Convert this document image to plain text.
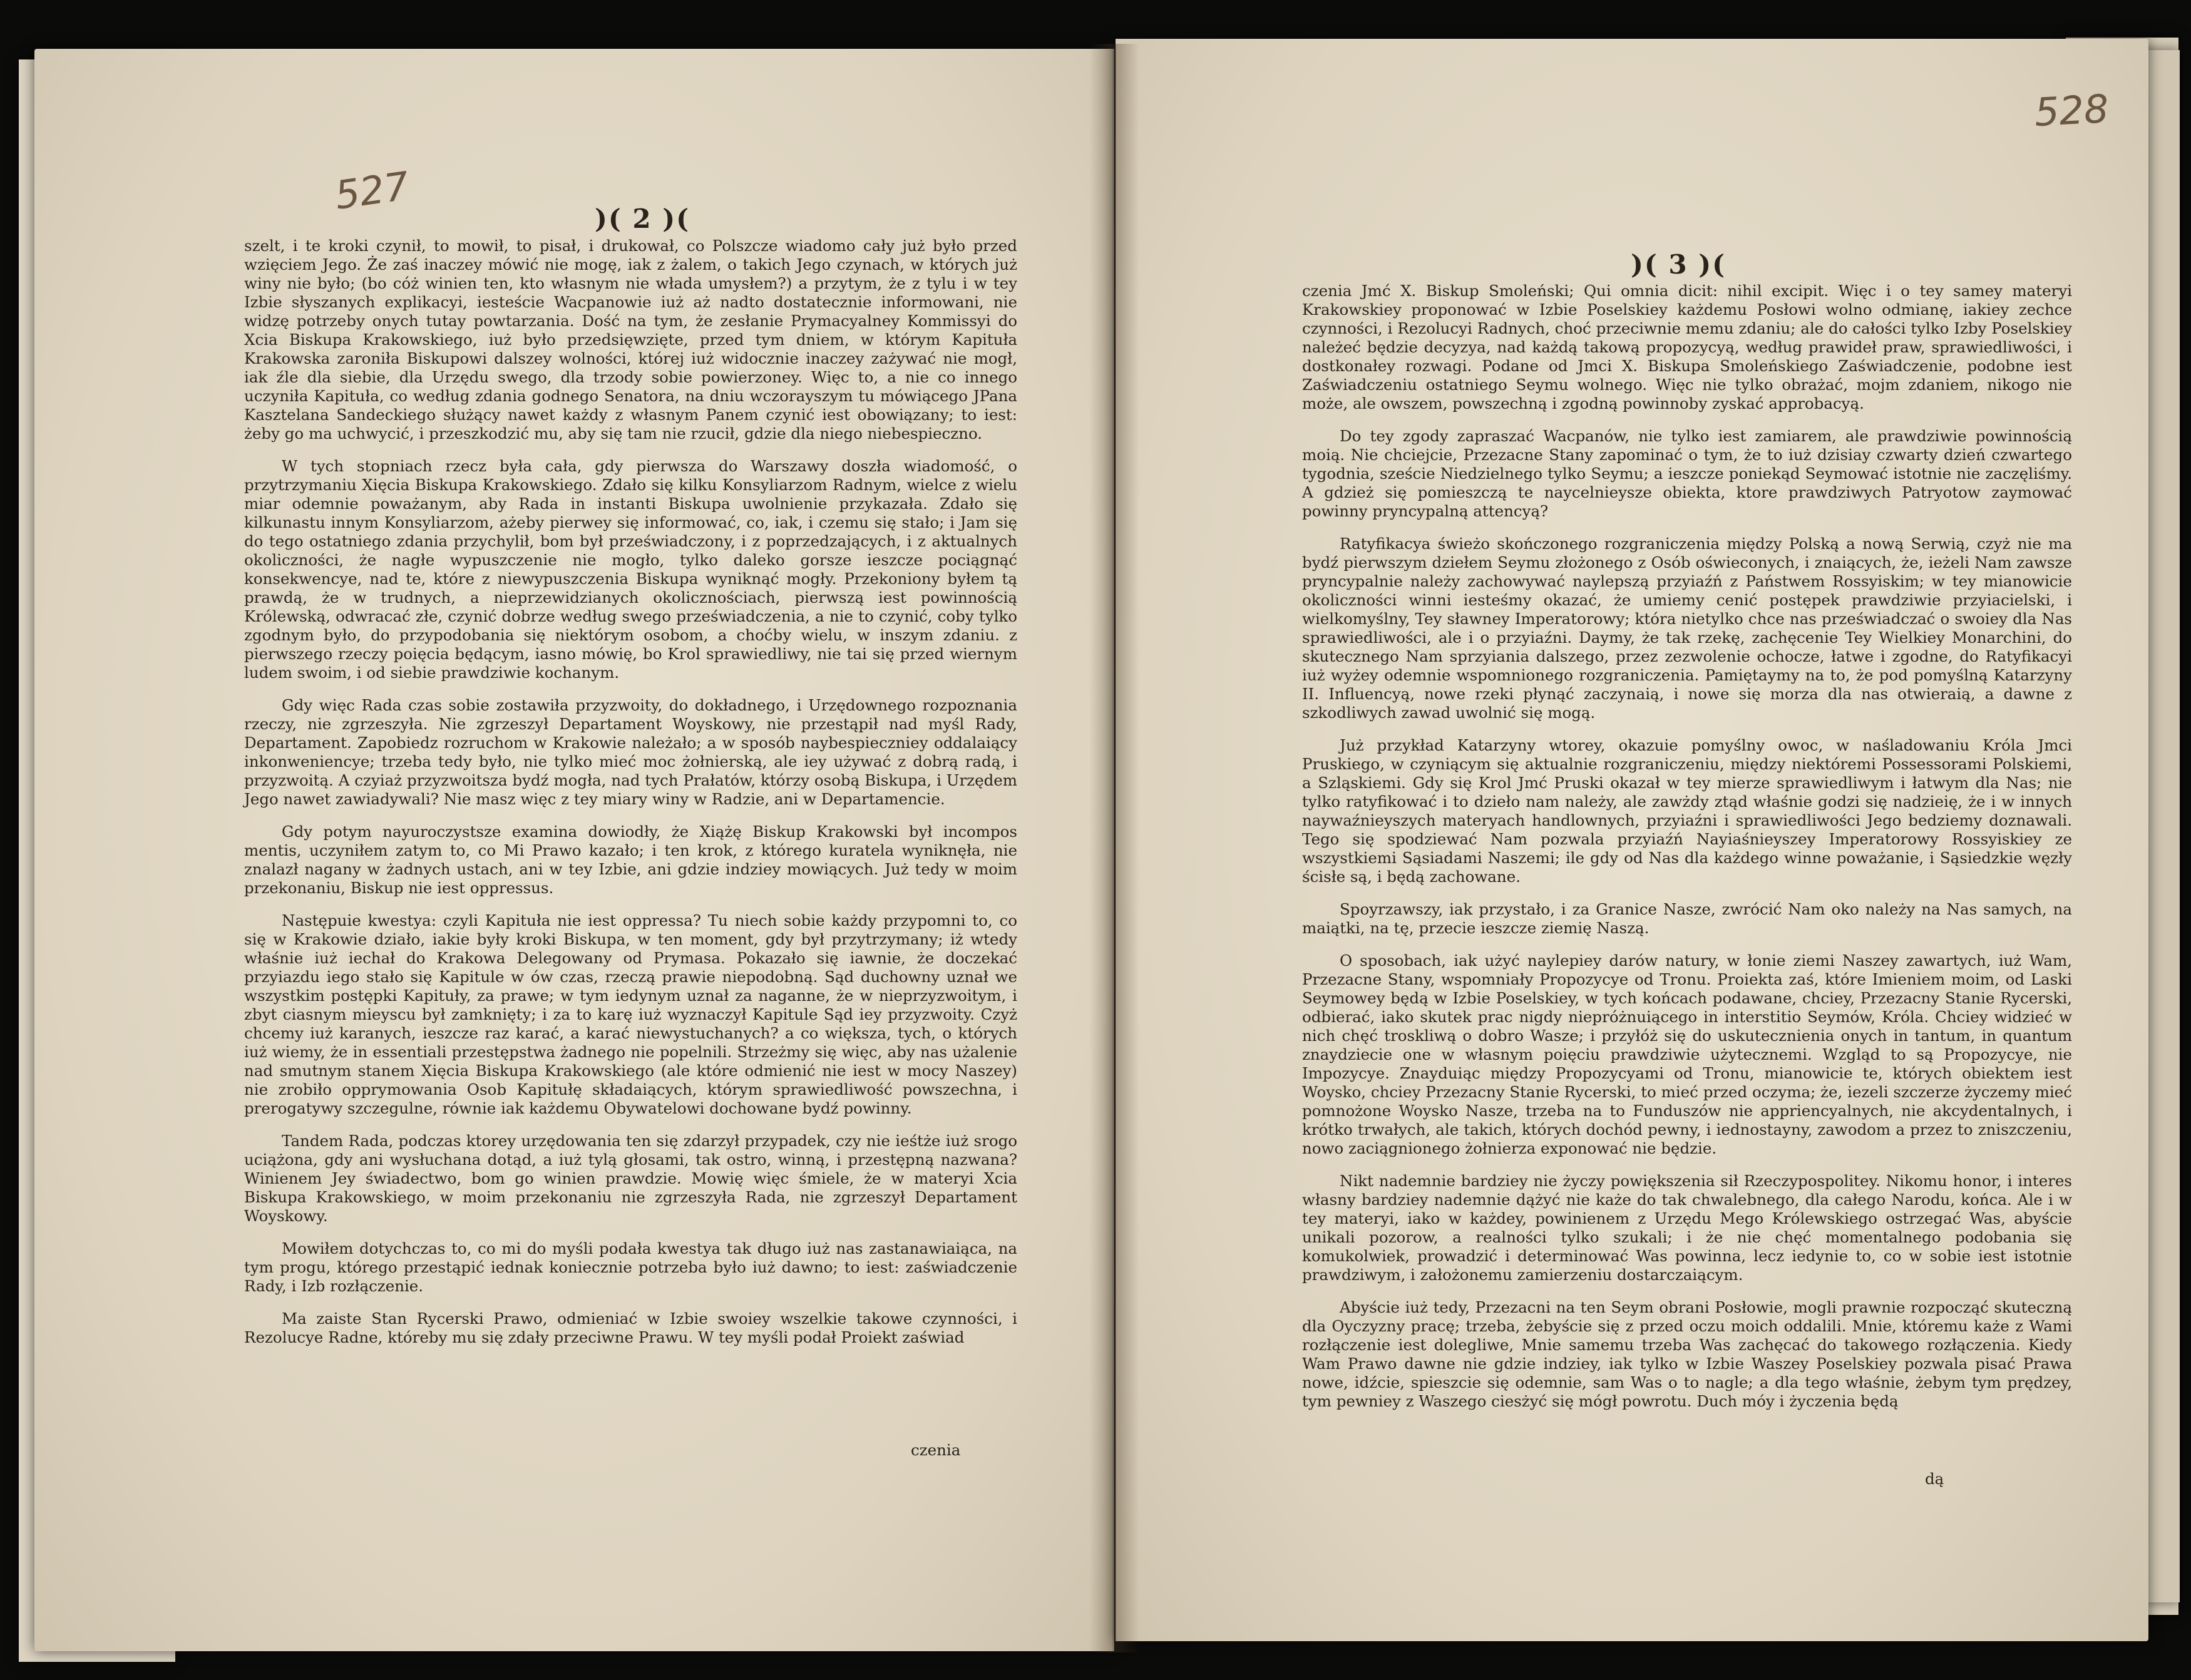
527
528
)( 2 )(
)( 3 )(

szelt, i te kroki czynił, to mowił, to pisał, i drukował, co Polszcze wiadomo cały już było przed wzięciem Jego. Że zaś inaczey mówić nie mogę, iak z żalem, o takich Jego czynach, w których już winy nie było; (bo cóż winien ten, kto własnym nie włada umysłem?) a przytym, że z tylu i w tey Izbie słyszanych explikacyi, iesteście Wacpanowie iuż aż nadto dostatecznie informowani, nie widzę potrzeby onych tutay powtarzania. Dość na tym, że zesłanie Prymacyalney Kommissyi do Xcia Biskupa Krakowskiego, iuż było przedsięwzięte, przed tym dniem, w którym Kapituła Krakowska zaroniła Biskupowi dalszey wolności, której iuż widocznie inaczey zażywać nie mogł, iak źle dla siebie, dla Urzędu swego, dla trzody sobie powierzoney. Więc to, a nie co innego uczyniła Kapituła, co według zdania godnego Senatora, na dniu wczorayszym tu mówiącego JPana Kasztelana Sandeckiego służący nawet każdy z własnym Panem czynić iest obowiązany; to iest: żeby go ma uchwycić, i przeszkodzić mu, aby się tam nie rzucił, gdzie dla niego niebespieczno.

W tych stopniach rzecz była cała, gdy pierwsza do Warszawy doszła wiadomość, o przytrzymaniu Xięcia Biskupa Krakowskiego. Zdało się kilku Konsyliarzom Radnym, wielce z wielu miar odemnie poważanym, aby Rada in instanti Biskupa uwolnienie przykazała. Zdało się kilkunastu innym Konsyliarzom, ażeby pierwey się informować, co, iak, i czemu się stało; i Jam się do tego ostatniego zdania przychylił, bom był przeświadczony, i z poprzedzających, i z aktualnych okoliczności, że nagłe wypuszczenie nie mogło, tylko daleko gorsze ieszcze pociągnąć konsekwencye, nad te, które z niewypuszczenia Biskupa wyniknąć mogły. Przekoniony byłem tą prawdą, że w trudnych, a nieprzewidzianych okolicznościach, pierwszą iest powinnością Królewską, odwracać złe, czynić dobrze według swego przeświadczenia, a nie to czynić, coby tylko zgodnym było, do przypodobania się niektórym osobom, a choćby wielu, w inszym zdaniu. z pierwszego rzeczy poięcia będącym, iasno mówię, bo Krol sprawiedliwy, nie tai się przed wiernym ludem swoim, i od siebie prawdziwie kochanym.

Gdy więc Rada czas sobie zostawiła przyzwoity, do dokładnego, i Urzędownego rozpoznania rzeczy, nie zgrzeszyła. Nie zgrzeszył Departament Woyskowy, nie przestąpił nad myśl Rady, Departament. Zapobiedz rozruchom w Krakowie należało; a w sposób naybespieczniey oddalaiący inkonweniencye; trzeba tedy było, nie tylko mieć moc żołnierską, ale iey używać z dobrą radą, i przyzwoitą. A czyiaż przyzwoitsza bydź mogła, nad tych Prałatów, którzy osobą Biskupa, i Urzędem Jego nawet zawiadywali? Nie masz więc z tey miary winy w Radzie, ani w Departamencie.

Gdy potym nayuroczystsze examina dowiodły, że Xiążę Biskup Krakowski był incompos mentis, uczyniłem zatym to, co Mi Prawo kazało; i ten krok, z którego kuratela wyniknęła, nie znalazł nagany w żadnych ustach, ani w tey Izbie, ani gdzie indziey mowiących. Już tedy w moim przekonaniu, Biskup nie iest oppressus.

Następuie kwestya: czyli Kapituła nie iest oppressa? Tu niech sobie każdy przypomni to, co się w Krakowie działo, iakie były kroki Biskupa, w ten moment, gdy był przytrzymany; iż wtedy właśnie iuż iechał do Krakowa Delegowany od Prymasa. Pokazało się iawnie, że doczekać przyiazdu iego stało się Kapitule w ów czas, rzeczą prawie niepodobną. Sąd duchowny uznał we wszystkim postępki Kapituły, za prawe; w tym iedynym uznał za naganne, że w nieprzyzwoitym, i zbyt ciasnym mieyscu był zamknięty; i za to karę iuż wyznaczył Kapitule Sąd iey przyzwoity. Czyż chcemy iuż karanych, ieszcze raz karać, a karać niewystuchanych? a co większa, tych, o których iuż wiemy, że in essentiali przestępstwa żadnego nie popelnili. Strzeżmy się więc, aby nas użalenie nad smutnym stanem Xięcia Biskupa Krakowskiego (ale które odmienić nie iest w mocy Naszey) nie zrobiło opprymowania Osob Kapitułę składaiących, którym sprawiedliwość powszechna, i prerogatywy szczegulne, równie iak każdemu Obywatelowi dochowane bydź powinny.

Tandem Rada, podczas ktorey urzędowania ten się zdarzył przypadek, czy nie ieśtże iuż srogo uciążona, gdy ani wysłuchana dotąd, a iuż tylą głosami, tak ostro, winną, i przestępną nazwana? Winienem Jey świadectwo, bom go winien prawdzie. Mowię więc śmiele, że w materyi Xcia Biskupa Krakowskiego, w moim przekonaniu nie zgrzeszyła Rada, nie zgrzeszył Departament Woyskowy.

Mowiłem dotychczas to, co mi do myśli podała kwestya tak długo iuż nas zastanawiaiąca, na tym progu, którego przestąpić iednak koniecznie potrzeba było iuż dawno; to iest: zaświadczenie Rady, i Izb rozłączenie.

Ma zaiste Stan Rycerski Prawo, odmieniać w Izbie swoiey wszelkie takowe czynności, i Rezolucye Radne, któreby mu się zdały przeciwne Prawu. W tey myśli podał Proiekt zaświad

czenia

czenia Jmć X. Biskup Smoleński; Qui omnia dicit: nihil excipit. Więc i o tey samey materyi Krakowskiey proponować w Izbie Poselskiey każdemu Posłowi wolno odmianę, iakiey zechce czynności, i Rezolucyi Radnych, choć przeciwnie memu zdaniu; ale do całości tylko Izby Poselskiey należeć będzie decyzya, nad każdą takową propozycyą, według prawideł praw, sprawiedliwości, i dostkonałey rozwagi. Podane od Jmci X. Biskupa Smoleńskiego Zaświadczenie, podobne iest Zaświadczeniu ostatniego Seymu wolnego. Więc nie tylko obrażać, mojm zdaniem, nikogo nie może, ale owszem, powszechną i zgodną powinnoby zyskać approbacyą.

Do tey zgody zapraszać Wacpanów, nie tylko iest zamiarem, ale prawdziwie powinnością moią. Nie chciejcie, Przezacne Stany zapominać o tym, że to iuż dzisiay czwarty dzień czwartego tygodnia, szeście Niedzielnego tylko Seymu; a ieszcze poniekąd Seymować istotnie nie zaczęliśmy. A gdzież się pomieszczą te naycelnieysze obiekta, ktore prawdziwych Patryotow zaymować powinny pryncypalną attencyą?

Ratyfikacya świeżo skończonego rozgraniczenia między Polską a nową Serwią, czyż nie ma bydź pierwszym dziełem Seymu złożonego z Osób oświeconych, i znaiących, że, ieżeli Nam zawsze pryncypalnie należy zachowywać naylepszą przyiaźń z Państwem Rossyiskim; w tey mianowicie okoliczności winni iesteśmy okazać, że umiemy cenić postępek prawdziwie przyiacielski, i wielkomyślny, Tey sławney Imperatorowy; która nietylko chce nas przeświadczać o swoiey dla Nas sprawiedliwości, ale i o przyiaźni. Daymy, że tak rzekę, zachęcenie Tey Wielkiey Monarchini, do skutecznego Nam sprzyiania dalszego, przez zezwolenie ochocze, łatwe i zgodne, do Ratyfikacyi iuż wyżey odemnie wspomnionego rozgraniczenia. Pamiętaymy na to, że pod pomyślną Katarzyny II. Influencyą, nowe rzeki płynąć zaczynaią, i nowe się morza dla nas otwieraią, a dawne z szkodliwych zawad uwolnić się mogą.

Już przykład Katarzyny wtorey, okazuie pomyślny owoc, w naśladowaniu Króla Jmci Pruskiego, w czyniącym się aktualnie rozgraniczeniu, między niektóremi Possessorami Polskiemi, a Szląskiemi. Gdy się Krol Jmć Pruski okazał w tey mierze sprawiedliwym i łatwym dla Nas; nie tylko ratyfikować i to dzieło nam należy, ale zawżdy ztąd właśnie godzi się nadzieię, że i w innych naywaźnieyszych materyach handlownych, przyiaźni i sprawiedliwości Jego bedziemy doznawali. Tego się spodziewać Nam pozwala przyiaźń Nayiaśnieyszey Imperatorowy Rossyiskiey ze wszystkiemi Sąsiadami Naszemi; ile gdy od Nas dla każdego winne poważanie, i Sąsiedzkie węzły ścisłe są, i będą zachowane.

Spoyrzawszy, iak przystało, i za Granice Nasze, zwrócić Nam oko należy na Nas samych, na maiątki, na tę, przecie ieszcze ziemię Naszą.

O sposobach, iak użyć naylepiey darów natury, w łonie ziemi Naszey zawartych, iuż Wam, Przezacne Stany, wspomniały Propozycye od Tronu. Proiekta zaś, które Imieniem moim, od Laski Seymowey będą w Izbie Poselskiey, w tych końcach podawane, chciey, Przezacny Stanie Rycerski, odbierać, iako skutek prac nigdy niepróżnuiącego in interstitio Seymów, Króla. Chciey widzieć w nich chęć troskliwą o dobro Wasze; i przyłóż się do uskutecznienia onych in tantum, in quantum znaydziecie one w własnym poięciu prawdziwie użytecznemi. Wzgląd to są Propozycye, nie Impozycye. Znayduiąc między Propozycyami od Tronu, mianowicie te, których obiektem iest Woysko, chciey Przezacny Stanie Rycerski, to mieć przed oczyma; że, iezeli szczerze życzemy mieć pomnożone Woysko Nasze, trzeba na to Funduszów nie appriencyalnych, nie akcydentalnych, i krótko trwałych, ale takich, których dochód pewny, i iednostayny, zawodom a przez to zniszczeniu, nowo zaciągnionego żołnierza exponować nie będzie.

Nikt nademnie bardziey nie życzy powiększenia sił Rzeczypospolitey. Nikomu honor, i interes własny bardziey nademnie dążyć nie każe do tak chwalebnego, dla całego Narodu, końca. Ale i w tey materyi, iako w każdey, powinienem z Urzędu Mego Królewskiego ostrzegać Was, abyście unikali pozorow, a realności tylko szukali; i że nie chęć momentalnego podobania się komukolwiek, prowadzić i determinować Was powinna, lecz iedynie to, co w sobie iest istotnie prawdziwym, i założonemu zamierzeniu dostarczaiącym.

Abyście iuż tedy, Przezacni na ten Seym obrani Posłowie, mogli prawnie rozpocząć skuteczną dla Oyczyzny pracę; trzeba, żebyście się z przed oczu moich oddalili. Mnie, któremu każe z Wami rozłączenie iest dolegliwe, Mnie samemu trzeba Was zachęcać do takowego rozłączenia. Kiedy Wam Prawo dawne nie gdzie indziey, iak tylko w Izbie Waszey Poselskiey pozwala pisać Prawa nowe, idźcie, spieszcie się odemnie, sam Was o to nagle; a dla tego właśnie, żebym tym prędzey, tym pewniey z Waszego ciesżyć się mógł powrotu. Duch móy i życzenia będą

dą
